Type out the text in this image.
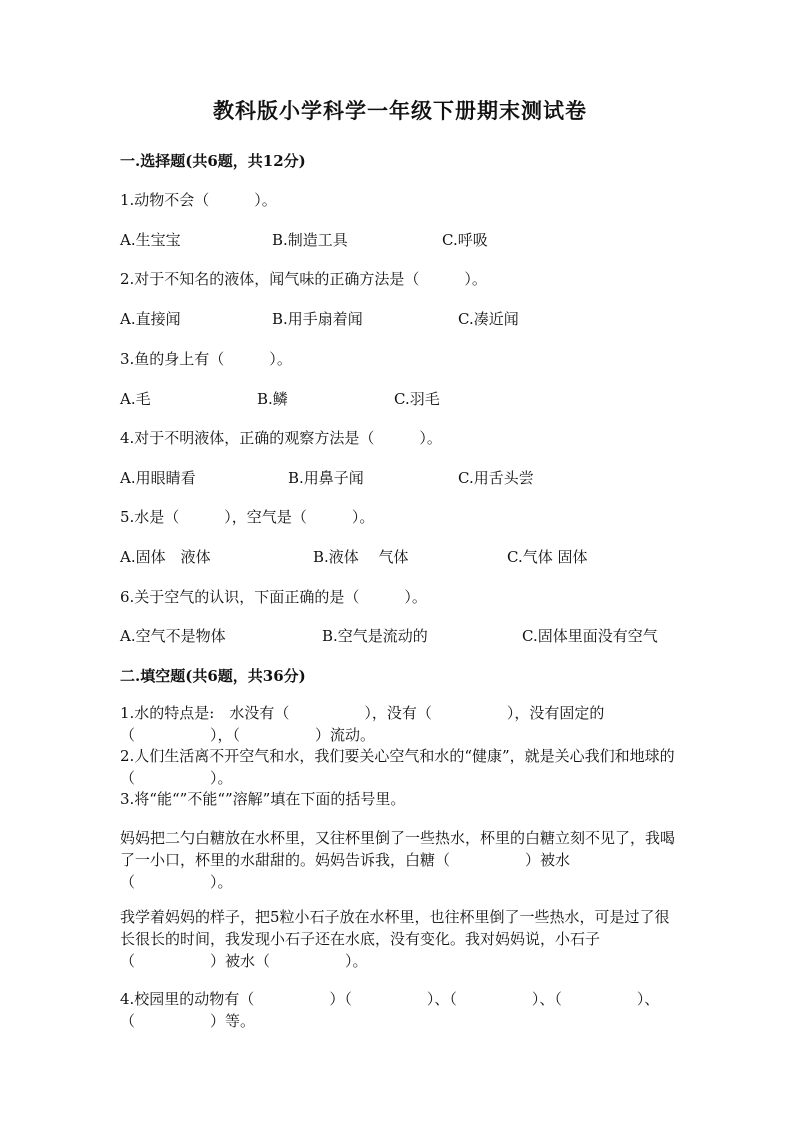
教科版小学科学一年级下册期末测试卷
一.选择题(共6题，共12分)
1.动物不会（　　　）。
A.生宝宝	B.制造工具	C.呼吸
2.对于不知名的液体，闻气味的正确方法是（　　　）。
A.直接闻	B.用手扇着闻	C.凑近闻
3.鱼的身上有（　　　）。
A.毛	B.鳞	C.羽毛
4.对于不明液体，正确的观察方法是（　　　）。
A.用眼睛看	B.用鼻子闻	C.用舌头尝
5.水是（　　　），空气是（　　　）。
A.固体　液体	B.液体　 气体	C.气体 固体
6.关于空气的认识，下面正确的是（　　　）。
A.空气不是物体	B.空气是流动的	C.固体里面没有空气
二.填空题(共6题，共36分)
1.水的特点是:　水没有（　　　　　），没有（　　　　　），没有固定的（　　　　　），（　　　　　）流动。
2.人们生活离不开空气和水，我们要关心空气和水的“健康”，就是关心我们和地球的（　　　　　）。
3.将“能“”不能“”溶解”填在下面的括号里。
妈妈把二勺白糖放在水杯里，又往杯里倒了一些热水，杯里的白糖立刻不见了，我喝了一小口，杯里的水甜甜的。妈妈告诉我，白糖（　　　　　）被水（　　　　　）。
我学着妈妈的样子，把5粒小石子放在水杯里，也往杯里倒了一些热水，可是过了很长很长的时间，我发现小石子还在水底，没有变化。我对妈妈说，小石子（　　　　　）被水（　　　　　）。
4.校园里的动物有（　　　　　）（　　　　　）、（　　　　　）、（　　　　　）、（　　　　　）等。
